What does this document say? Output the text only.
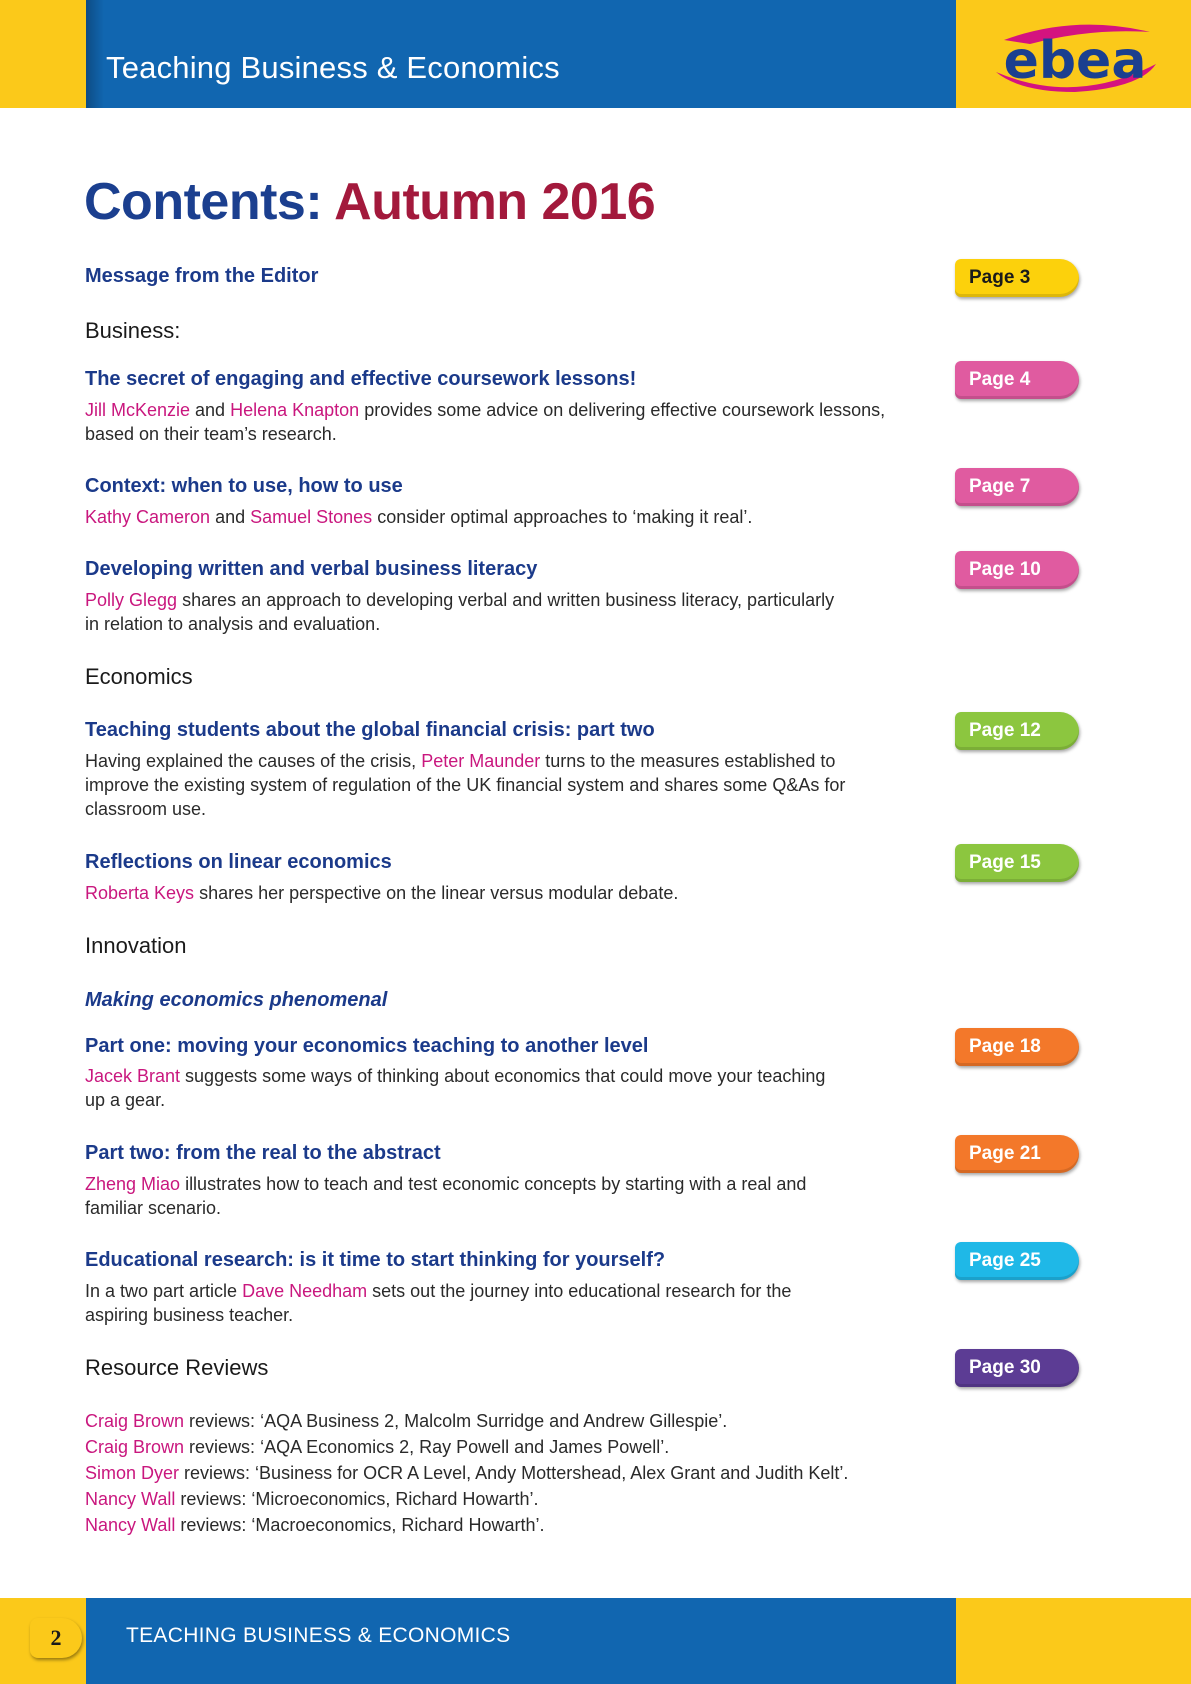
Teaching Business & Economics	ebea
Contents: Autumn 2016
Message from the Editor	Page 3
Business:
The secret of engaging and effective coursework lessons!	Page 4
Jill McKenzie and Helena Knapton provides some advice on delivering effective coursework lessons,
based on their team’s research.
Context: when to use, how to use	Page 7
Kathy Cameron and Samuel Stones consider optimal approaches to ‘making it real’.
Developing written and verbal business literacy	Page 10
Polly Glegg shares an approach to developing verbal and written business literacy, particularly
in relation to analysis and evaluation.
Economics
Teaching students about the global financial crisis: part two	Page 12
Having explained the causes of the crisis, Peter Maunder turns to the measures established to
improve the existing system of regulation of the UK financial system and shares some Q&As for
classroom use.
Reflections on linear economics	Page 15
Roberta Keys shares her perspective on the linear versus modular debate.
Innovation
Making economics phenomenal
Part one: moving your economics teaching to another level	Page 18
Jacek Brant suggests some ways of thinking about economics that could move your teaching
up a gear.
Part two: from the real to the abstract	Page 21
Zheng Miao illustrates how to teach and test economic concepts by starting with a real and
familiar scenario.
Educational research: is it time to start thinking for yourself?	Page 25
In a two part article Dave Needham sets out the journey into educational research for the
aspiring business teacher.
Resource Reviews	Page 30
Craig Brown reviews: ‘AQA Business 2, Malcolm Surridge and Andrew Gillespie’.
Craig Brown reviews: ‘AQA Economics 2, Ray Powell and James Powell’.
Simon Dyer reviews: ‘Business for OCR A Level, Andy Mottershead, Alex Grant and Judith Kelt’.
Nancy Wall reviews: ‘Microeconomics, Richard Howarth’.
Nancy Wall reviews: ‘Macroeconomics, Richard Howarth’.
2	TEACHING BUSINESS & ECONOMICS
